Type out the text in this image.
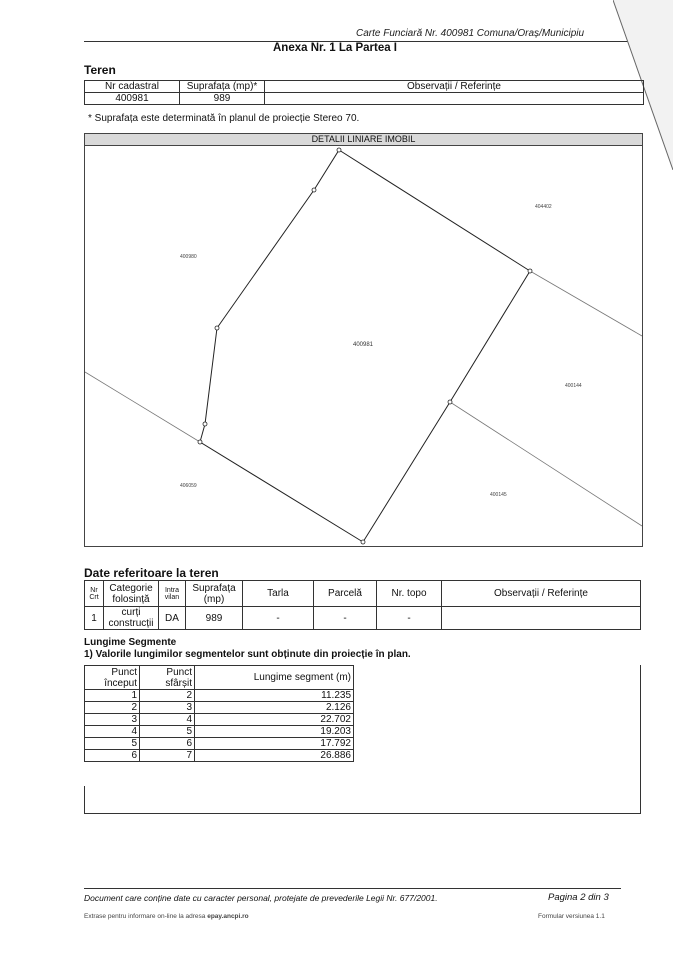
Carte Funciară Nr. 400981 Comuna/Oraș/Municipiu
Anexa Nr. 1 La Partea I
Teren
Nr cadastral	Suprafața (mp)*	Observații / Referințe
400981	989	
* Suprafața este determinată în planul de proiecție Stereo 70.
DETALII LINIARE IMOBIL
400981
400980
404402
400144
400145
406059
Date referitoare la teren
Nr Crt	Categorie folosință	Intra vilan	Suprafața (mp)	Tarla	Parcelă	Nr. topo	Observații / Referințe
1	curți construcții	DA	989	-	-	-	
Lungime Segmente
1) Valorile lungimilor segmentelor sunt obținute din proiecție în plan.
Punct început	Punct sfârșit	Lungime segment (m)
1	2	11.235
2	3	2.126
3	4	22.702
4	5	19.203
5	6	17.792
6	7	26.886
Document care conține date cu caracter personal, protejate de prevederile Legii Nr. 677/2001.	Pagina 2 din 3
Extrase pentru informare on-line la adresa epay.ancpi.ro	Formular versiunea 1.1
